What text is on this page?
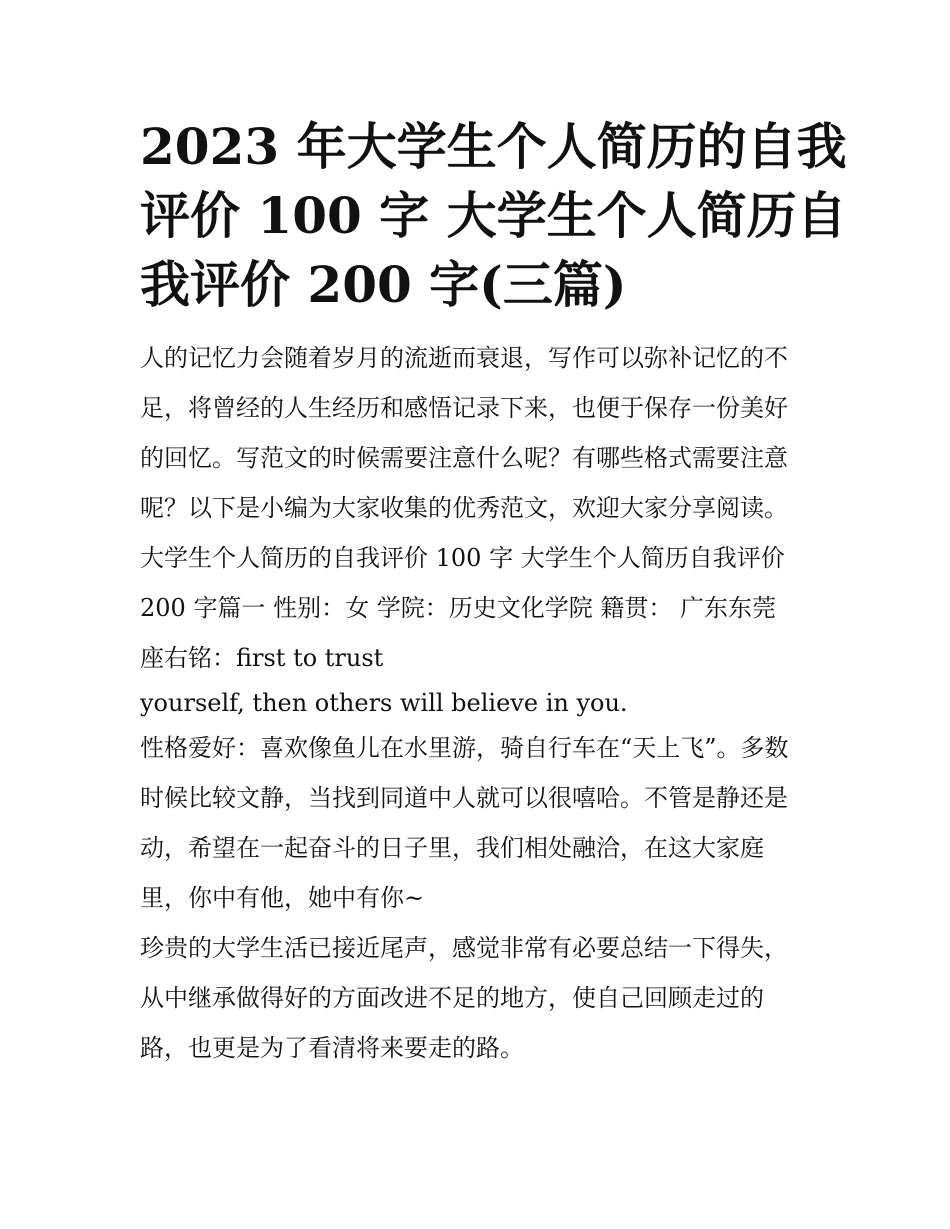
2023 年大学生个人简历的自我
评价 100 字 大学生个人简历自
我评价 200 字(三篇)

人的记忆力会随着岁月的流逝而衰退，写作可以弥补记忆的不
足，将曾经的人生经历和感悟记录下来，也便于保存一份美好
的回忆。写范文的时候需要注意什么呢？有哪些格式需要注意
呢？以下是小编为大家收集的优秀范文，欢迎大家分享阅读。

大学生个人简历的自我评价 100 字 大学生个人简历自我评价
200 字篇一 性别：女 学院：历史文化学院 籍贯： 广东东莞
座右铭：first to trust

yourself, then others will believe in you.

性格爱好：喜欢像鱼儿在水里游，骑自行车在“天上飞”。多数
时候比较文静，当找到同道中人就可以很嘻哈。不管是静还是
动，希望在一起奋斗的日子里，我们相处融洽，在这大家庭
里，你中有他，她中有你~

珍贵的大学生活已接近尾声，感觉非常有必要总结一下得失，
从中继承做得好的方面改进不足的地方，使自己回顾走过的
路，也更是为了看清将来要走的路。
